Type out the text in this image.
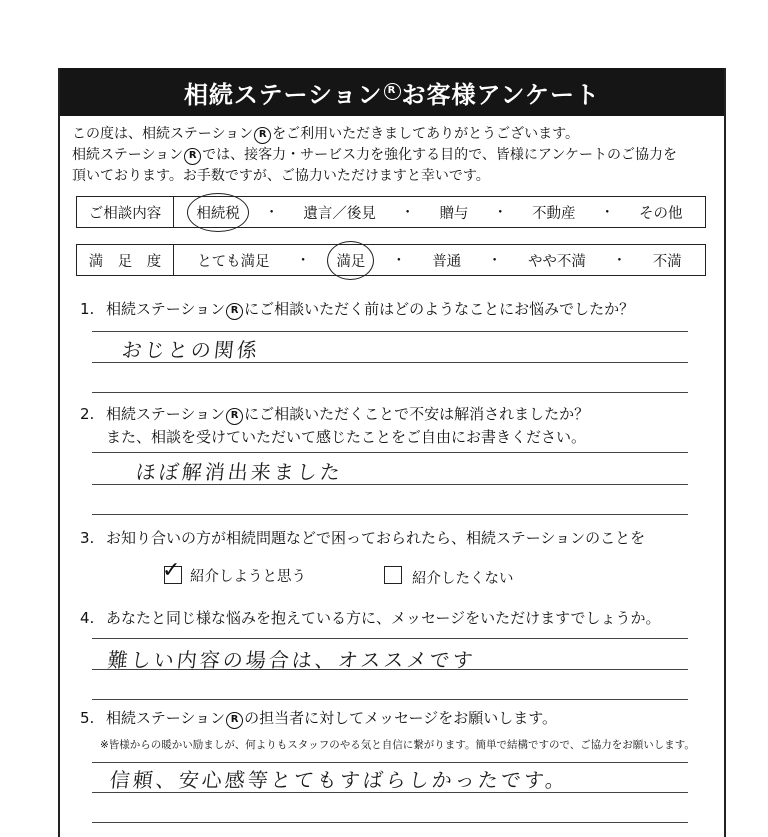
相続ステーション R お客様アンケート
この度は、相続ステーション R をご利用いただきましてありがとうございます。
相続ステーション R では、接客力・サービス力を強化する目的で、皆様にアンケートのご協力を
頂いております。お手数ですが、ご協力いただけますと幸いです。
ご相談内容	相続税 ・ 遺言／後見 ・ 贈与 ・ 不動産 ・ その他
満　足　度	とても満足 ・ 満足 ・ 普通 ・ やや不満 ・ 不満
1. 相続ステーション R にご相談いただく前はどのようなことにお悩みでしたか？
おじとの関係
2. 相続ステーション R にご相談いただくことで不安は解消されましたか？
また、相談を受けていただいて感じたことをご自由にお書きください。
ほぼ解消出来ました
3. お知り合いの方が相続問題などで困っておられたら、相続ステーションのことを
✓ 紹介しようと思う	紹介したくない
4. あなたと同じ様な悩みを抱えている方に、メッセージをいただけますでしょうか。
難しい内容の場合は、オススメです
5. 相続ステーション R の担当者に対してメッセージをお願いします。
※皆様からの暖かい励ましが、何よりもスタッフのやる気と自信に繋がります。簡単で結構ですので、ご協力をお願いします。
信頼、安心感等とてもすばらしかったです。
